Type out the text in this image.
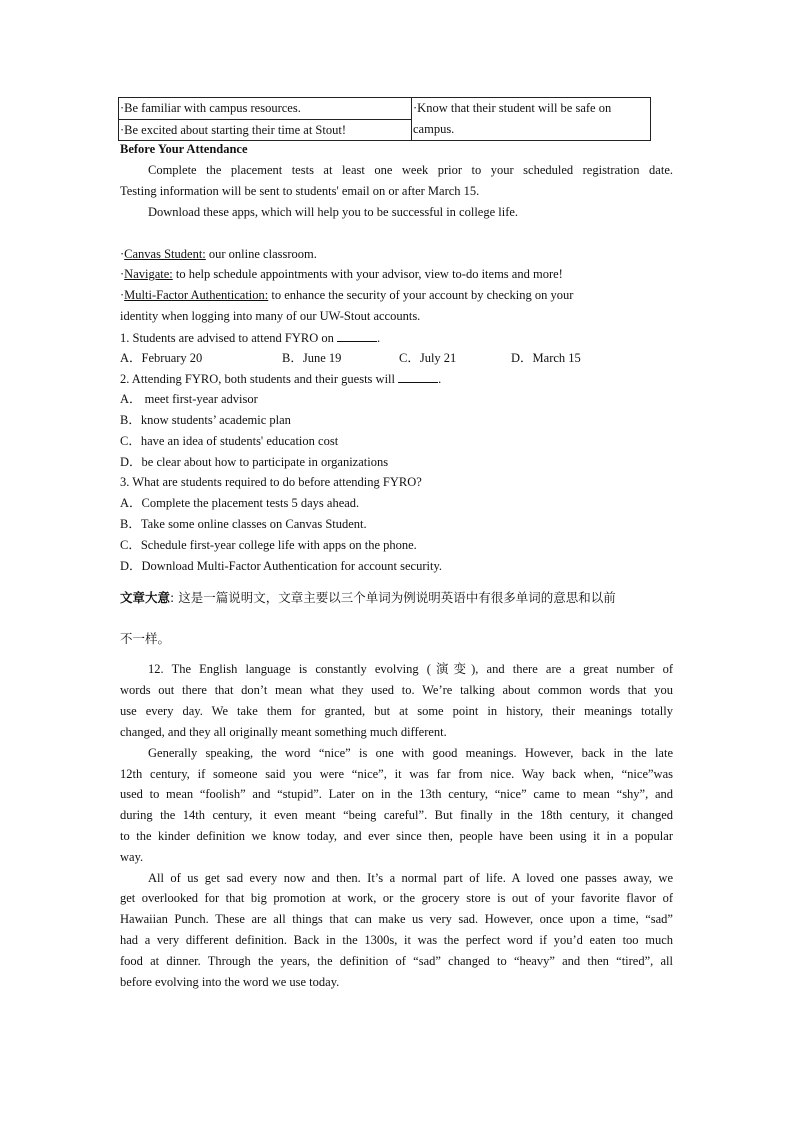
·Be familiar with campus resources.	·Know that their student will be safe on campus.
·Be excited about starting their time at Stout!
Before Your Attendance
Complete the placement tests at least one week prior to your scheduled registration date.
Testing information will be sent to students' email on or after March 15.
Download these apps, which will help you to be successful in college life.
·Canvas Student: our online classroom.
·Navigate: to help schedule appointments with your advisor, view to-do items and more!
·Multi-Factor Authentication: to enhance the security of your account by checking on your
identity when logging into many of our UW-Stout accounts.
1. Students are advised to attend FYRO on	.
A．February 20	B．June 19	C．July 21	D．March 15
2. Attending FYRO, both students and their guests will	.
A． meet first-year advisor
B．know students’ academic plan
C．have an idea of students' education cost
D．be clear about how to participate in organizations
3. What are students required to do before attending FYRO?
A．Complete the placement tests 5 days ahead.
B．Take some online classes on Canvas Student.
C．Schedule first-year college life with apps on the phone.
D．Download Multi-Factor Authentication for account security.
文章大意: 这是一篇说明文，文章主要以三个单词为例说明英语中有很多单词的意思和以前
不一样。
12. The English language is constantly evolving (演变), and there are a great number of
words out there that don’t mean what they used to. We’re talking about common words that you
use every day. We take them for granted, but at some point in history, their meanings totally
changed, and they all originally meant something much different.
Generally speaking, the word “nice” is one with good meanings. However, back in the late
12th century, if someone said you were “nice”, it was far from nice. Way back when, “nice”was
used to mean “foolish” and “stupid”. Later on in the 13th century, “nice” came to mean “shy”, and
during the 14th century, it even meant “being careful”. But finally in the 18th century, it changed
to the kinder definition we know today, and ever since then, people have been using it in a popular
way.
All of us get sad every now and then. It’s a normal part of life. A loved one passes away, we
get overlooked for that big promotion at work, or the grocery store is out of your favorite flavor of
Hawaiian Punch. These are all things that can make us very sad. However, once upon a time, “sad”
had a very different definition. Back in the 1300s, it was the perfect word if you’d eaten too much
food at dinner. Through the years, the definition of “sad” changed to “heavy” and then “tired”, all
before evolving into the word we use today.
